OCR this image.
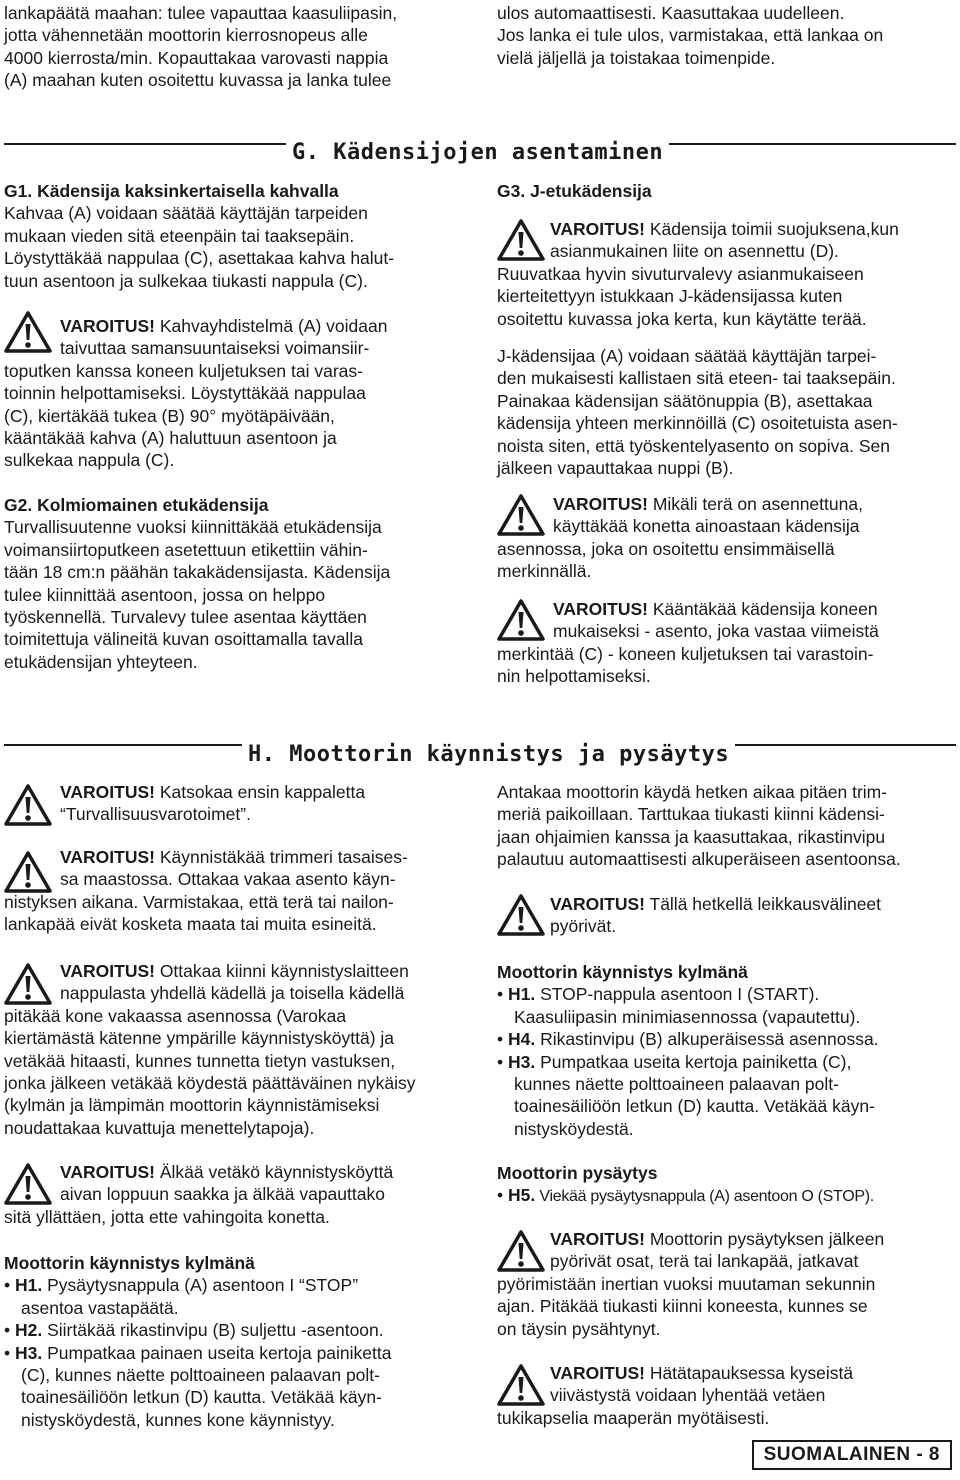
lankapäätä maahan: tulee vapauttaa kaasuliipasin,
jotta vähennetään moottorin kierrosnopeus alle
4000 kierrosta/min. Kopauttakaa varovasti nappia
(A) maahan kuten osoitettu kuvassa ja lanka tulee
ulos automaattisesti. Kaasuttakaa uudelleen.
Jos lanka ei tule ulos, varmistakaa, että lankaa on
vielä jäljellä ja toistakaa toimenpide.
G. Kädensijojen asentaminen
G1. Kädensija kaksinkertaisella kahvalla
Kahvaa (A) voidaan säätää käyttäjän tarpeiden
mukaan vieden sitä eteenpäin tai taaksepäin.
Löystyttäkää nappulaa (C), asettakaa kahva halut-
tuun asentoon ja sulkekaa tiukasti nappula (C).
VAROITUS! Kahvayhdistelmä (A) voidaan
taivuttaa samansuuntaiseksi voimansiir-
toputken kanssa koneen kuljetuksen tai varas-
toinnin helpottamiseksi. Löystyttäkää nappulaa
(C), kiertäkää tukea (B) 90° myötäpäivään,
kääntäkää kahva (A) haluttuun asentoon ja
sulkekaa nappula (C).
G2. Kolmiomainen etukädensija
Turvallisuutenne vuoksi kiinnittäkää etukädensija
voimansiirtoputkeen asetettuun etikettiin vähin-
tään 18 cm:n päähän takakädensijasta. Kädensija
tulee kiinnittää asentoon, jossa on helppo
työskennellä. Turvalevy tulee asentaa käyttäen
toimitettuja välineitä kuvan osoittamalla tavalla
etukädensijan yhteyteen.
G3. J-etukädensija
VAROITUS! Kädensija toimii suojuksena,kun
asianmukainen liite on asennettu (D).
Ruuvatkaa hyvin sivuturvalevy asianmukaiseen
kierteitettyyn istukkaan J-kädensijassa kuten
osoitettu kuvassa joka kerta, kun käytätte terää.
J-kädensijaa (A) voidaan säätää käyttäjän tarpei-
den mukaisesti kallistaen sitä eteen- tai taaksepäin.
Painakaa kädensijan säätönuppia (B), asettakaa
kädensija yhteen merkinnöillä (C) osoitetuista asen-
noista siten, että työskentelyasento on sopiva. Sen
jälkeen vapauttakaa nuppi (B).
VAROITUS! Mikäli terä on asennettuna,
käyttäkää konetta ainoastaan kädensija
asennossa, joka on osoitettu ensimmäisellä
merkinnällä.
VAROITUS! Kääntäkää kädensija koneen
mukaiseksi - asento, joka vastaa viimeistä
merkintää (C) - koneen kuljetuksen tai varastoin-
nin helpottamiseksi.
H. Moottorin käynnistys ja pysäytys
VAROITUS! Katsokaa ensin kappaletta
“Turvallisuusvarotoimet”.
VAROITUS! Käynnistäkää trimmeri tasaises-
sa maastossa. Ottakaa vakaa asento käyn-
nistyksen aikana. Varmistakaa, että terä tai nailon-
lankapää eivät kosketa maata tai muita esineitä.
VAROITUS! Ottakaa kiinni käynnistyslaitteen
nappulasta yhdellä kädellä ja toisella kädellä
pitäkää kone vakaassa asennossa (Varokaa
kiertämästä kätenne ympärille käynnistysköyttä) ja
vetäkää hitaasti, kunnes tunnetta tietyn vastuksen,
jonka jälkeen vetäkää köydestä päättäväinen nykäisy
(kylmän ja lämpimän moottorin käynnistämiseksi
noudattakaa kuvattuja menettelytapoja).
VAROITUS! Älkää vetäkö käynnistysköyttä
aivan loppuun saakka ja älkää vapauttako
sitä yllättäen, jotta ette vahingoita konetta.
Moottorin käynnistys kylmänä
• H1. Pysäytysnappula (A) asentoon I “STOP”
asentoa vastapäätä.
• H2. Siirtäkää rikastinvipu (B) suljettu -asentoon.
• H3. Pumpatkaa painaen useita kertoja painiketta
(C), kunnes näette polttoaineen palaavan polt-
toainesäiliöön letkun (D) kautta. Vetäkää käyn-
nistysköydestä, kunnes kone käynnistyy.
Antakaa moottorin käydä hetken aikaa pitäen trim-
meriä paikoillaan. Tarttukaa tiukasti kiinni kädensi-
jaan ohjaimien kanssa ja kaasuttakaa, rikastinvipu
palautuu automaattisesti alkuperäiseen asentoonsa.
VAROITUS! Tällä hetkellä leikkausvälineet
pyörivät.
Moottorin käynnistys kylmänä
• H1. STOP-nappula asentoon I (START).
Kaasuliipasin minimiasennossa (vapautettu).
• H4. Rikastinvipu (B) alkuperäisessä asennossa.
• H3. Pumpatkaa useita kertoja painiketta (C),
kunnes näette polttoaineen palaavan polt-
toainesäiliöön letkun (D) kautta. Vetäkää käyn-
nistysköydestä.
Moottorin pysäytys
• H5. Viekää pysäytysnappula (A) asentoon O (STOP).
VAROITUS! Moottorin pysäytyksen jälkeen
pyörivät osat, terä tai lankapää, jatkavat
pyörimistään inertian vuoksi muutaman sekunnin
ajan. Pitäkää tiukasti kiinni koneesta, kunnes se
on täysin pysähtynyt.
VAROITUS! Hätätapauksessa kyseistä
viivästystä voidaan lyhentää vetäen
tukikapselia maaperän myötäisesti.
SUOMALAINEN - 8
